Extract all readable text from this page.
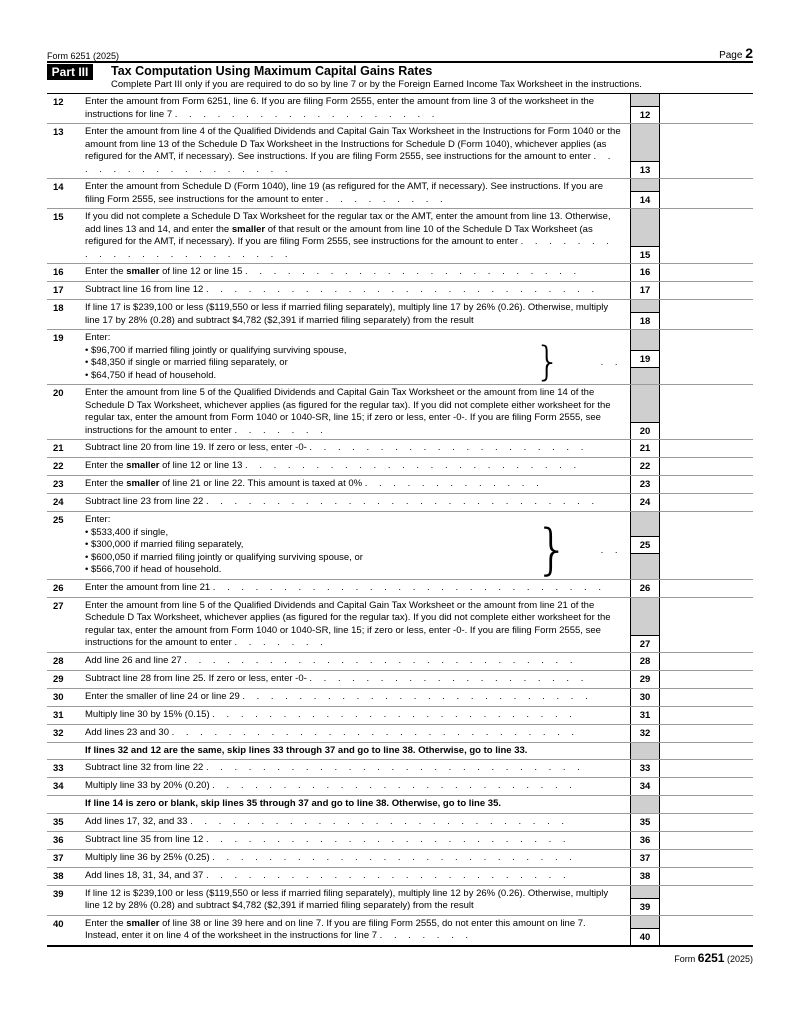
Form 6251 (2025)	Page 2
Part III	Tax Computation Using Maximum Capital Gains Rates
Complete Part III only if you are required to do so by line 7 or by the Foreign Earned Income Tax Worksheet in the instructions.
12	Enter the amount from Form 6251, line 6. If you are filing Form 2555, enter the amount from line 3 of the worksheet in the instructions for line 7 . . . . . . . . . . . . . . . . . . .	12
13	Enter the amount from line 4 of the Qualified Dividends and Capital Gain Tax Worksheet in the Instructions for Form 1040 or the amount from line 13 of the Schedule D Tax Worksheet in the Instructions for Schedule D (Form 1040), whichever applies (as refigured for the AMT, if necessary). See instructions. If you are filing Form 2555, see instructions for the amount to enter . . . . . . . . . . . . . . . . .	13
14	Enter the amount from Schedule D (Form 1040), line 19 (as refigured for the AMT, if necessary). See instructions. If you are filing Form 2555, see instructions for the amount to enter . . . . . . . . .	14
15	If you did not complete a Schedule D Tax Worksheet for the regular tax or the AMT, enter the amount from line 13. Otherwise, add lines 13 and 14, and enter the smaller of that result or the amount from line 10 of the Schedule D Tax Worksheet (as refigured for the AMT, if necessary). If you are filing Form 2555, see instructions for the amount to enter . . . . . . . . . . . . . . . . . . . . . .	15
16	Enter the smaller of line 12 or line 15 . . . . . . . . . . . . . . . . . . . . . . . .	16
17	Subtract line 16 from line 12 . . . . . . . . . . . . . . . . . . . . . . . . . . . .	17
18	If line 17 is $239,100 or less ($119,550 or less if married filing separately), multiply line 17 by 26% (0.26). Otherwise, multiply line 17 by 28% (0.28) and subtract $4,782 ($2,391 if married filing separately) from the result	18
19	Enter:
• $96,700 if married filing jointly or qualifying surviving spouse,
• $48,350 if single or married filing separately, or
• $64,750 if head of household.	}	. .	19
20	Enter the amount from line 5 of the Qualified Dividends and Capital Gain Tax Worksheet or the amount from line 14 of the Schedule D Tax Worksheet, whichever applies (as figured for the regular tax). If you did not complete either worksheet for the regular tax, enter the amount from Form 1040 or 1040-SR, line 15; if zero or less, enter -0-. If you are filing Form 2555, see instructions for the amount to enter . . . . . . .	20
21	Subtract line 20 from line 19. If zero or less, enter -0- . . . . . . . . . . . . . . . . . . . .	21
22	Enter the smaller of line 12 or line 13 . . . . . . . . . . . . . . . . . . . . . . . .	22
23	Enter the smaller of line 21 or line 22. This amount is taxed at 0% . . . . . . . . . . . . .	23
24	Subtract line 23 from line 22 . . . . . . . . . . . . . . . . . . . . . . . . . . . .	24
25	Enter:
• $533,400 if single,
• $300,000 if married filing separately,
• $600,050 if married filing jointly or qualifying surviving spouse, or
• $566,700 if head of household.	}	. .	25
26	Enter the amount from line 21 . . . . . . . . . . . . . . . . . . . . . . . . . . . .	26
27	Enter the amount from line 5 of the Qualified Dividends and Capital Gain Tax Worksheet or the amount from line 21 of the Schedule D Tax Worksheet, whichever applies (as figured for the regular tax). If you did not complete either worksheet for the regular tax, enter the amount from Form 1040 or 1040-SR, line 15; if zero or less, enter -0-. If you are filing Form 2555, see instructions for the amount to enter . . . . . . .	27
28	Add line 26 and line 27 . . . . . . . . . . . . . . . . . . . . . . . . . . . .	28
29	Subtract line 28 from line 25. If zero or less, enter -0- . . . . . . . . . . . . . . . . . . . .	29
30	Enter the smaller of line 24 or line 29 . . . . . . . . . . . . . . . . . . . . . . . . .	30
31	Multiply line 30 by 15% (0.15) . . . . . . . . . . . . . . . . . . . . . . . . . .	31
32	Add lines 23 and 30 . . . . . . . . . . . . . . . . . . . . . . . . . . . . .	32
If lines 32 and 12 are the same, skip lines 33 through 37 and go to line 38. Otherwise, go to line 33.
33	Subtract line 32 from line 22 . . . . . . . . . . . . . . . . . . . . . . . . . . .	33
34	Multiply line 33 by 20% (0.20) . . . . . . . . . . . . . . . . . . . . . . . . . .	34
If line 14 is zero or blank, skip lines 35 through 37 and go to line 38. Otherwise, go to line 35.
35	Add lines 17, 32, and 33 . . . . . . . . . . . . . . . . . . . . . . . . . . .	35
36	Subtract line 35 from line 12 . . . . . . . . . . . . . . . . . . . . . . . . . .	36
37	Multiply line 36 by 25% (0.25) . . . . . . . . . . . . . . . . . . . . . . . . . .	37
38	Add lines 18, 31, 34, and 37 . . . . . . . . . . . . . . . . . . . . . . . . . .	38
39	If line 12 is $239,100 or less ($119,550 or less if married filing separately), multiply line 12 by 26% (0.26). Otherwise, multiply line 12 by 28% (0.28) and subtract $4,782 ($2,391 if married filing separately) from the result	39
40	Enter the smaller of line 38 or line 39 here and on line 7. If you are filing Form 2555, do not enter this amount on line 7. Instead, enter it on line 4 of the worksheet in the instructions for line 7 . . . . . . .	40
Form 6251 (2025)
